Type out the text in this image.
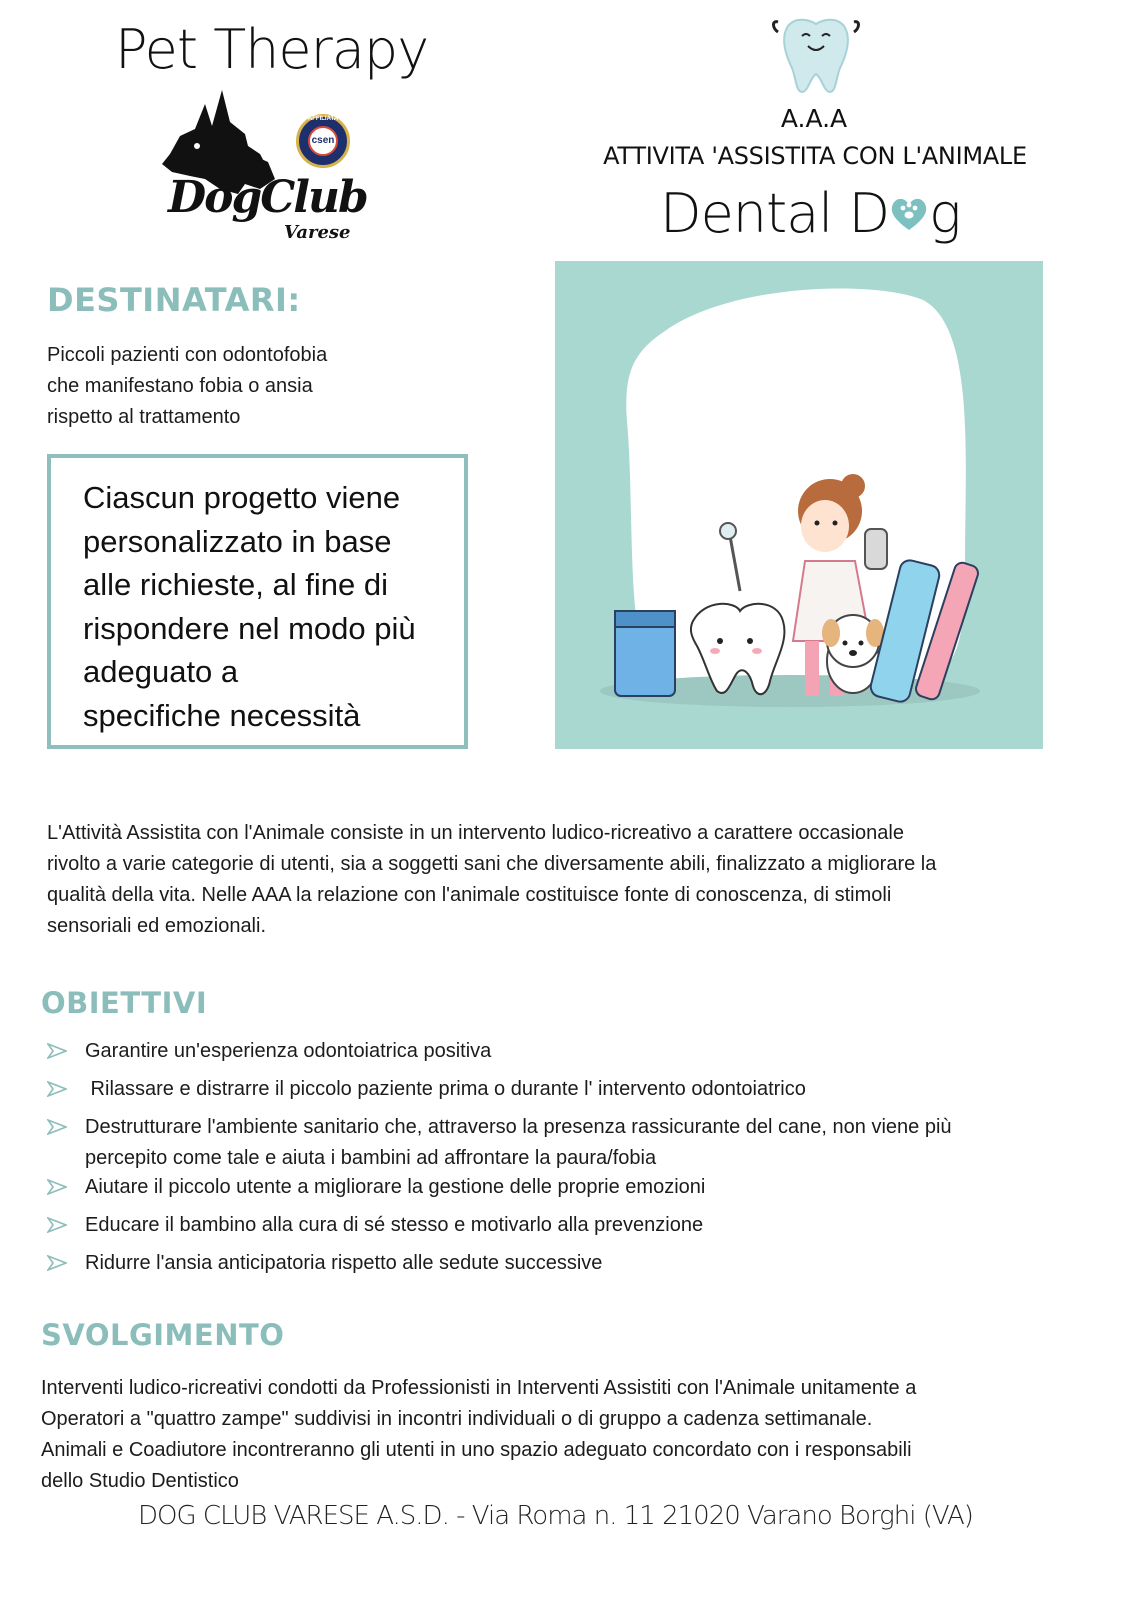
Pet Therapy
AFFILIATA
csen
DogClub
Varese
A.A.A
ATTIVITA 'ASSISTITA CON L'ANIMALE
Dental D g
DESTINATARI:
Piccoli pazienti con odontofobia
che manifestano fobia o ansia
rispetto al trattamento
Ciascun progetto viene
personalizzato in base
alle richieste, al fine di
rispondere nel modo più
adeguato a
specifiche necessità
L'Attività Assistita con l'Animale consiste in un intervento ludico-ricreativo a carattere occasionale
rivolto a varie categorie di utenti, sia a soggetti sani che diversamente abili, finalizzato a migliorare la
qualità della vita. Nelle AAA la relazione con l'animale costituisce fonte di conoscenza, di stimoli
sensoriali ed emozionali.
OBIETTIVI
Garantire un'esperienza odontoiatrica positiva
Rilassare e distrarre il piccolo paziente prima o durante l' intervento odontoiatrico
Destrutturare l'ambiente sanitario che, attraverso la presenza rassicurante del cane, non viene più
percepito come tale e aiuta i bambini ad affrontare la paura/fobia
Aiutare il piccolo utente a migliorare la gestione delle proprie emozioni
Educare il bambino alla cura di sé stesso e motivarlo alla prevenzione
Ridurre l'ansia anticipatoria rispetto alle sedute successive
SVOLGIMENTO
Interventi ludico-ricreativi condotti da Professionisti in Interventi Assistiti con l'Animale unitamente a
Operatori a "quattro zampe" suddivisi in incontri individuali o di gruppo a cadenza settimanale.
Animali e Coadiutore incontreranno gli utenti in uno spazio adeguato concordato con i responsabili
dello Studio Dentistico
DOG CLUB VARESE A.S.D. - Via Roma n. 11 21020 Varano Borghi (VA)
